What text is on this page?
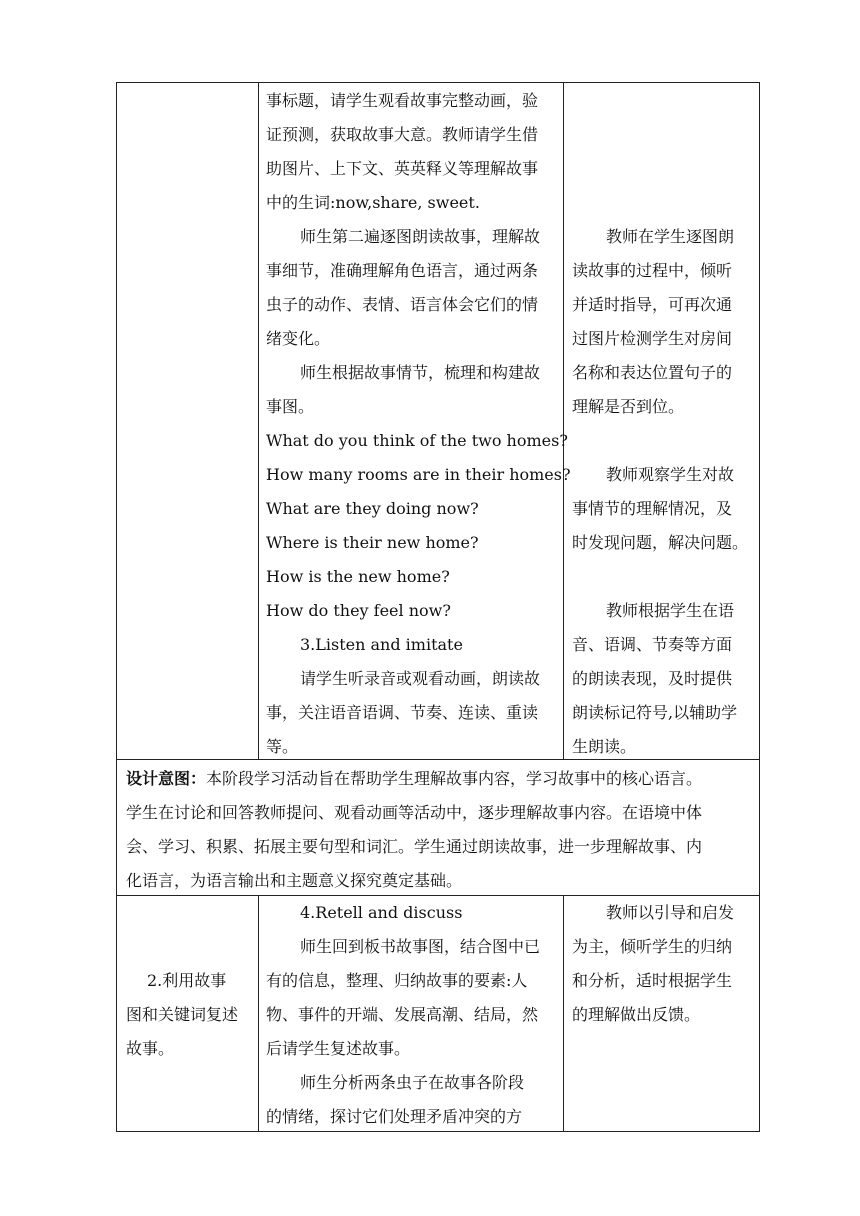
事标题，请学生观看故事完整动画，验
证预测，获取故事大意。教师请学生借
助图片、上下文、英英释义等理解故事
中的生词:now,share, sweet.
师生第二遍逐图朗读故事，理解故
事细节，准确理解角色语言，通过两条
虫子的动作、表情、语言体会它们的情
绪变化。
师生根据故事情节，梳理和构建故
事图。
What do you think of the two homes?
How many rooms are in their homes?
What are they doing now?
Where is their new home?
How is the new home?
How do they feel now?
3.Listen and imitate
请学生听录音或观看动画，朗读故
事，关注语音语调、节奏、连读、重读
等。
教师在学生逐图朗
读故事的过程中，倾听
并适时指导，可再次通
过图片检测学生对房间
名称和表达位置句子的
理解是否到位。
教师观察学生对故
事情节的理解情况，及
时发现问题，解决问题。
教师根据学生在语
音、语调、节奏等方面
的朗读表现，及时提供
朗读标记符号,以辅助学
生朗读。
设计意图：本阶段学习活动旨在帮助学生理解故事内容，学习故事中的核心语言。
学生在讨论和回答教师提问、观看动画等活动中，逐步理解故事内容。在语境中体
会、学习、积累、拓展主要句型和词汇。学生通过朗读故事，进一步理解故事、内
化语言，为语言输出和主题意义探究奠定基础。
2.利用故事
图和关键词复述
故事。
4.Retell and discuss
师生回到板书故事图，结合图中已
有的信息，整理、归纳故事的要素:人
物、事件的开端、发展高潮、结局，然
后请学生复述故事。
师生分析两条虫子在故事各阶段
的情绪，探讨它们处理矛盾冲突的方
教师以引导和启发
为主，倾听学生的归纳
和分析，适时根据学生
的理解做出反馈。
